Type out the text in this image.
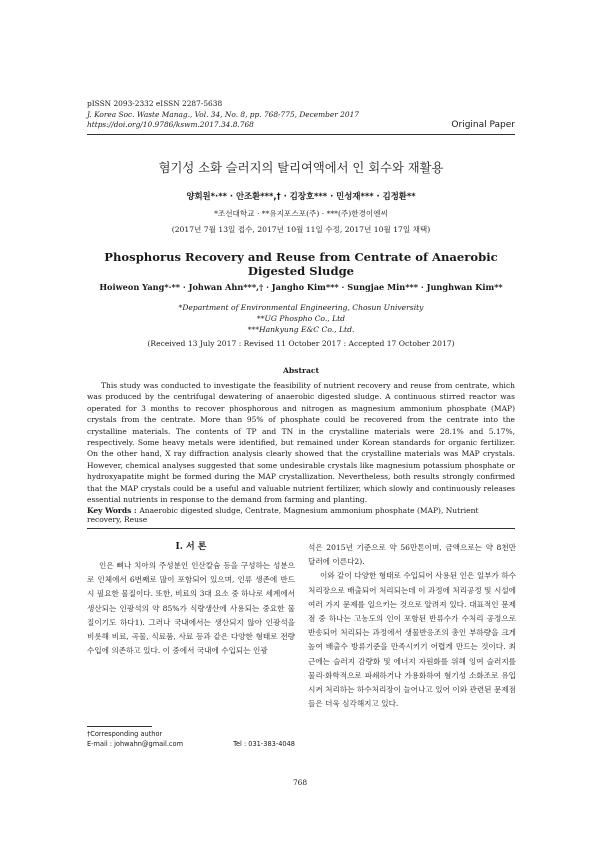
pISSN 2093-2332 eISSN 2287-5638
J. Korea Soc. Waste Manag., Vol. 34, No. 8, pp. 768-775, December 2017
https://doi.org/10.9786/kswm.2017.34.8.768	Original Paper
혐기성 소화 슬러지의 탈리여액에서 인 회수와 재활용
양회원*·** · 안조환***,† · 김장호*** · 민성재*** · 김정환**
*조선대학교 · **유지포스포(주) · ***(주)한경이엔씨
(2017년 7월 13일 접수, 2017년 10월 11일 수정, 2017년 10월 17일 채택)
Phosphorus Recovery and Reuse from Centrate of Anaerobic Digested Sludge
Hoiweon Yang*·** · Johwan Ahn***,† · Jangho Kim*** · Sungjae Min*** · Junghwan Kim**
*Department of Environmental Engineering, Chosun University
**UG Phospho Co., Ltd
***Hankyung E&C Co., Ltd.
(Received 13 July 2017 : Revised 11 October 2017 : Accepted 17 October 2017)
Abstract
This study was conducted to investigate the feasibility of nutrient recovery and reuse from centrate, which was produced by the centrifugal dewatering of anaerobic digested sludge. A continuous stirred reactor was operated for 3 months to recover phosphorous and nitrogen as magnesium ammonium phosphate (MAP) crystals from the centrate. More than 95% of phosphate could be recovered from the centrate into the crystalline materials. The contents of TP and TN in the crystalline materials were 28.1% and 5.17%, respectively. Some heavy metals were identified, but remained under Korean standards for organic fertilizer. On the other hand, X ray diffraction analysis clearly showed that the crystalline materials was MAP crystals. However, chemical analyses suggested that some undesirable crystals like magnesium potassium phosphate or hydroxyapatite might be formed during the MAP crystallization. Nevertheless, both results strongly confirmed that the MAP crystals could be a useful and valuable nutrient fertilizer, which slowly and continuously releases essential nutrients in response to the demand from farming and planting.
Key Words : Anaerobic digested sludge, Centrate, Magnesium ammonium phosphate (MAP), Nutrient recovery, Reuse
I. 서 론

인은 뼈나 치아의 주성분인 인산칼슘 등을 구성하는 성분으로 인체에서 6번째로 많이 포함되어 있으며, 인류 생존에 반드시 필요한 물질이다. 또한, 비료의 3대 요소 중 하나로 세계에서 생산되는 인광석의 약 85%가 식량생산에 사용되는 중요한 물질이기도 하다1). 그러나 국내에서는 생산되지 않아 인광석을 비롯해 비료, 곡물, 식료품, 사료 등과 같은 다양한 형태로 전량 수입에 의존하고 있다. 이 중에서 국내에 수입되는 인광

석은 2015년 기준으로 약 56만톤이며, 금액으로는 약 8천만 달러에 이른다2).

이와 같이 다양한 형태로 수입되어 사용된 인은 일부가 하수처리장으로 배출되어 처리되는데 이 과정에 처리공정 및 시설에 여러 가지 문제를 일으키는 것으로 알려져 있다. 대표적인 문제점 중 하나는 고농도의 인이 포함된 반류수가 수처리 공정으로 반송되어 처리되는 과정에서 생물반응조의 총인 부하량을 크게 높여 배출수 방류기준을 만족시키기 어렵게 만드는 것이다. 최근에는 슬러지 감량화 및 에너지 자원화를 위해 잉여 슬러지를 물리·화학적으로 파쇄하거나 가용화하여 혐기성 소화조로 유입시켜 처리하는 하수처리장이 늘어나고 있어 이와 관련된 문제점들은 더욱 심각해지고 있다.

†Corresponding author
E-mail : johwahn@gmail.com	Tel : 031-383-4048
768
